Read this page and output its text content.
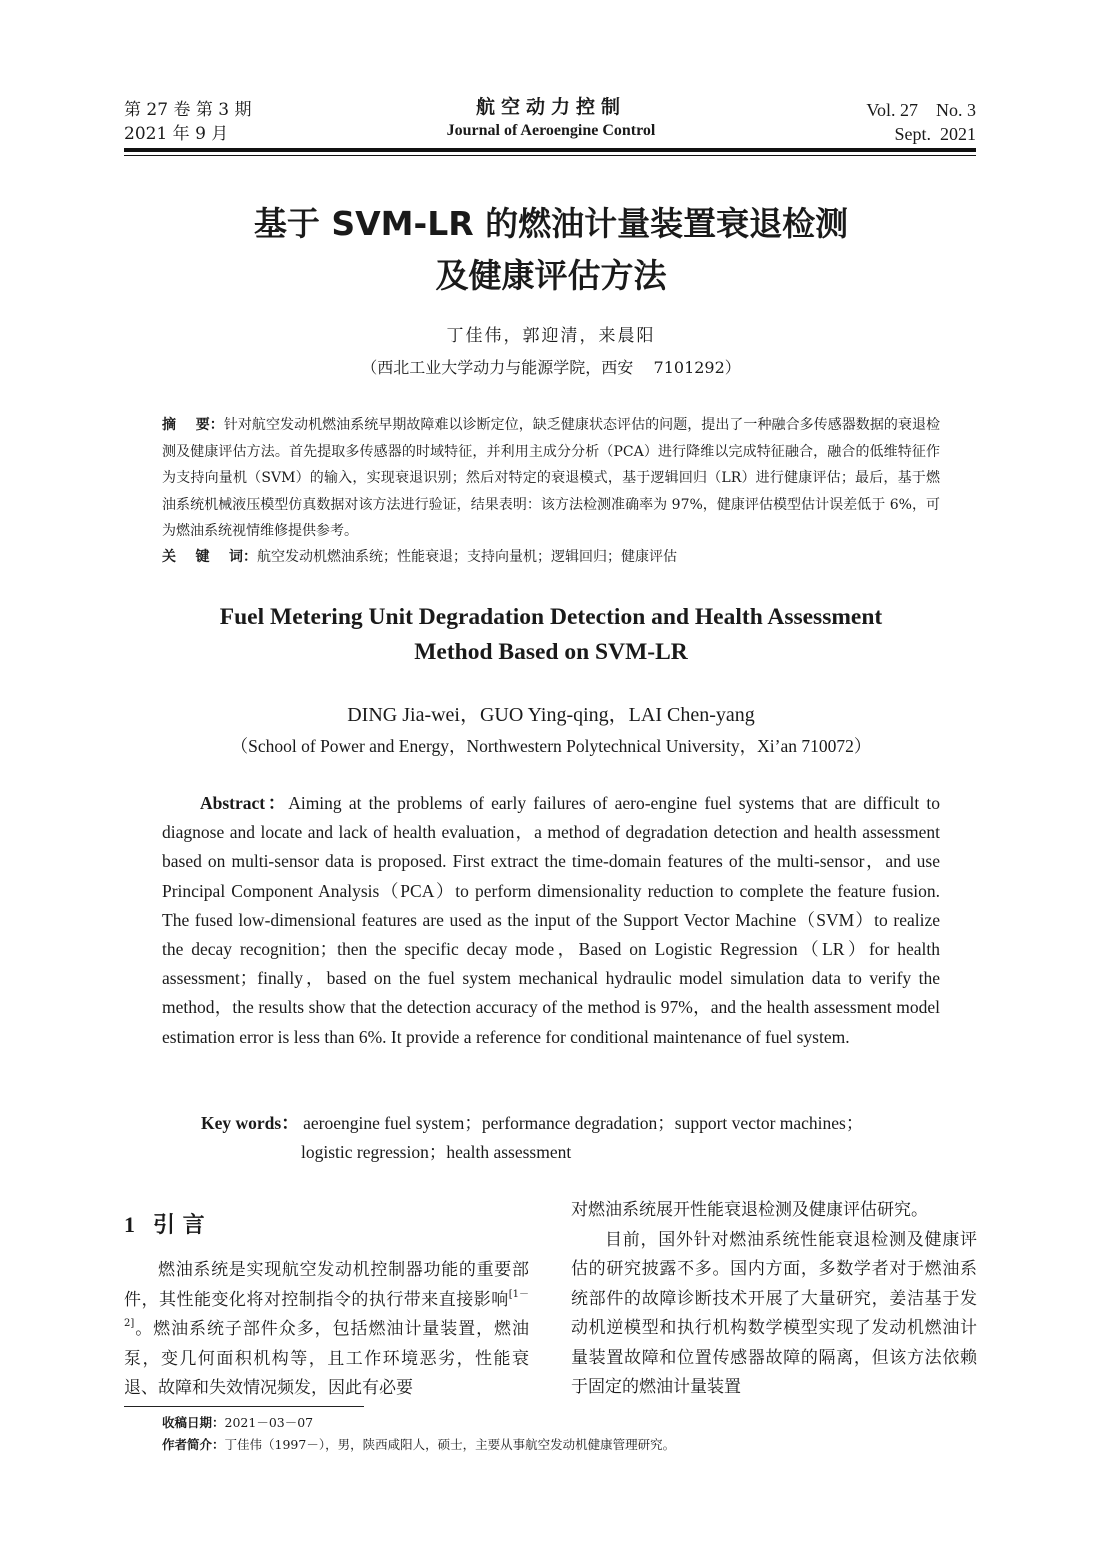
第 27 卷 第 3 期
2021 年 9 月
航空动力控制
Journal of Aeroengine Control
Vol. 27    No. 3
Sept.  2021
基于 SVM-LR 的燃油计量装置衰退检测
及健康评估方法
丁佳伟，郭迎清，来晨阳
（西北工业大学动力与能源学院，西安    7101292）
摘    要：针对航空发动机燃油系统早期故障难以诊断定位，缺乏健康状态评估的问题，提出了一种融合多传感器数据的衰退检测及健康评估方法。首先提取多传感器的时域特征，并利用主成分分析（PCA）进行降维以完成特征融合，融合的低维特征作为支持向量机（SVM）的输入，实现衰退识别；然后对特定的衰退模式，基于逻辑回归（LR）进行健康评估；最后，基于燃油系统机械液压模型仿真数据对该方法进行验证，结果表明：该方法检测准确率为 97%，健康评估模型估计误差低于 6%，可为燃油系统视情维修提供参考。
关    键    词：航空发动机燃油系统；性能衰退；支持向量机；逻辑回归；健康评估
Fuel Metering Unit Degradation Detection and Health Assessment
Method Based on SVM-LR
DING Jia-wei，GUO Ying-qing，LAI Chen-yang
（School of Power and Energy，Northwestern Polytechnical University，Xi’an 710072）
Abstract：Aiming at the problems of early failures of aero-engine fuel systems that are difficult to diagnose and locate and lack of health evaluation，a method of degradation detection and health assessment based on multi-sensor data is proposed. First extract the time-domain features of the multi-sensor，and use Principal Component Analysis（PCA）to perform dimensionality reduction to complete the feature fusion. The fused low-dimensional features are used as the input of the Support Vector Machine（SVM）to realize the decay recognition；then the specific decay mode，Based on Logistic Regression（LR）for health assessment；finally，based on the fuel system mechanical hydraulic model simulation data to verify the method，the results show that the detection accuracy of the method is 97%，and the health assessment model estimation error is less than 6%. It provide a reference for conditional maintenance of fuel system.
Key words： aeroengine fuel system；performance degradation；support vector machines；
logistic regression；health assessment
1 引 言

燃油系统是实现航空发动机控制器功能的重要部件，其性能变化将对控制指令的执行带来直接影响[1－2]。燃油系统子部件众多，包括燃油计量装置，燃油泵，变几何面积机构等，且工作环境恶劣，性能衰退、故障和失效情况频发，因此有必要

对燃油系统展开性能衰退检测及健康评估研究。

目前，国外针对燃油系统性能衰退检测及健康评估的研究披露不多。国内方面，多数学者对于燃油系统部件的故障诊断技术开展了大量研究，姜洁基于发动机逆模型和执行机构数学模型实现了发动机燃油计量装置故障和位置传感器故障的隔离，但该方法依赖于固定的燃油计量装置

收稿日期：2021－03－07
作者简介：丁佳伟（1997－），男，陕西咸阳人，硕士，主要从事航空发动机健康管理研究。
